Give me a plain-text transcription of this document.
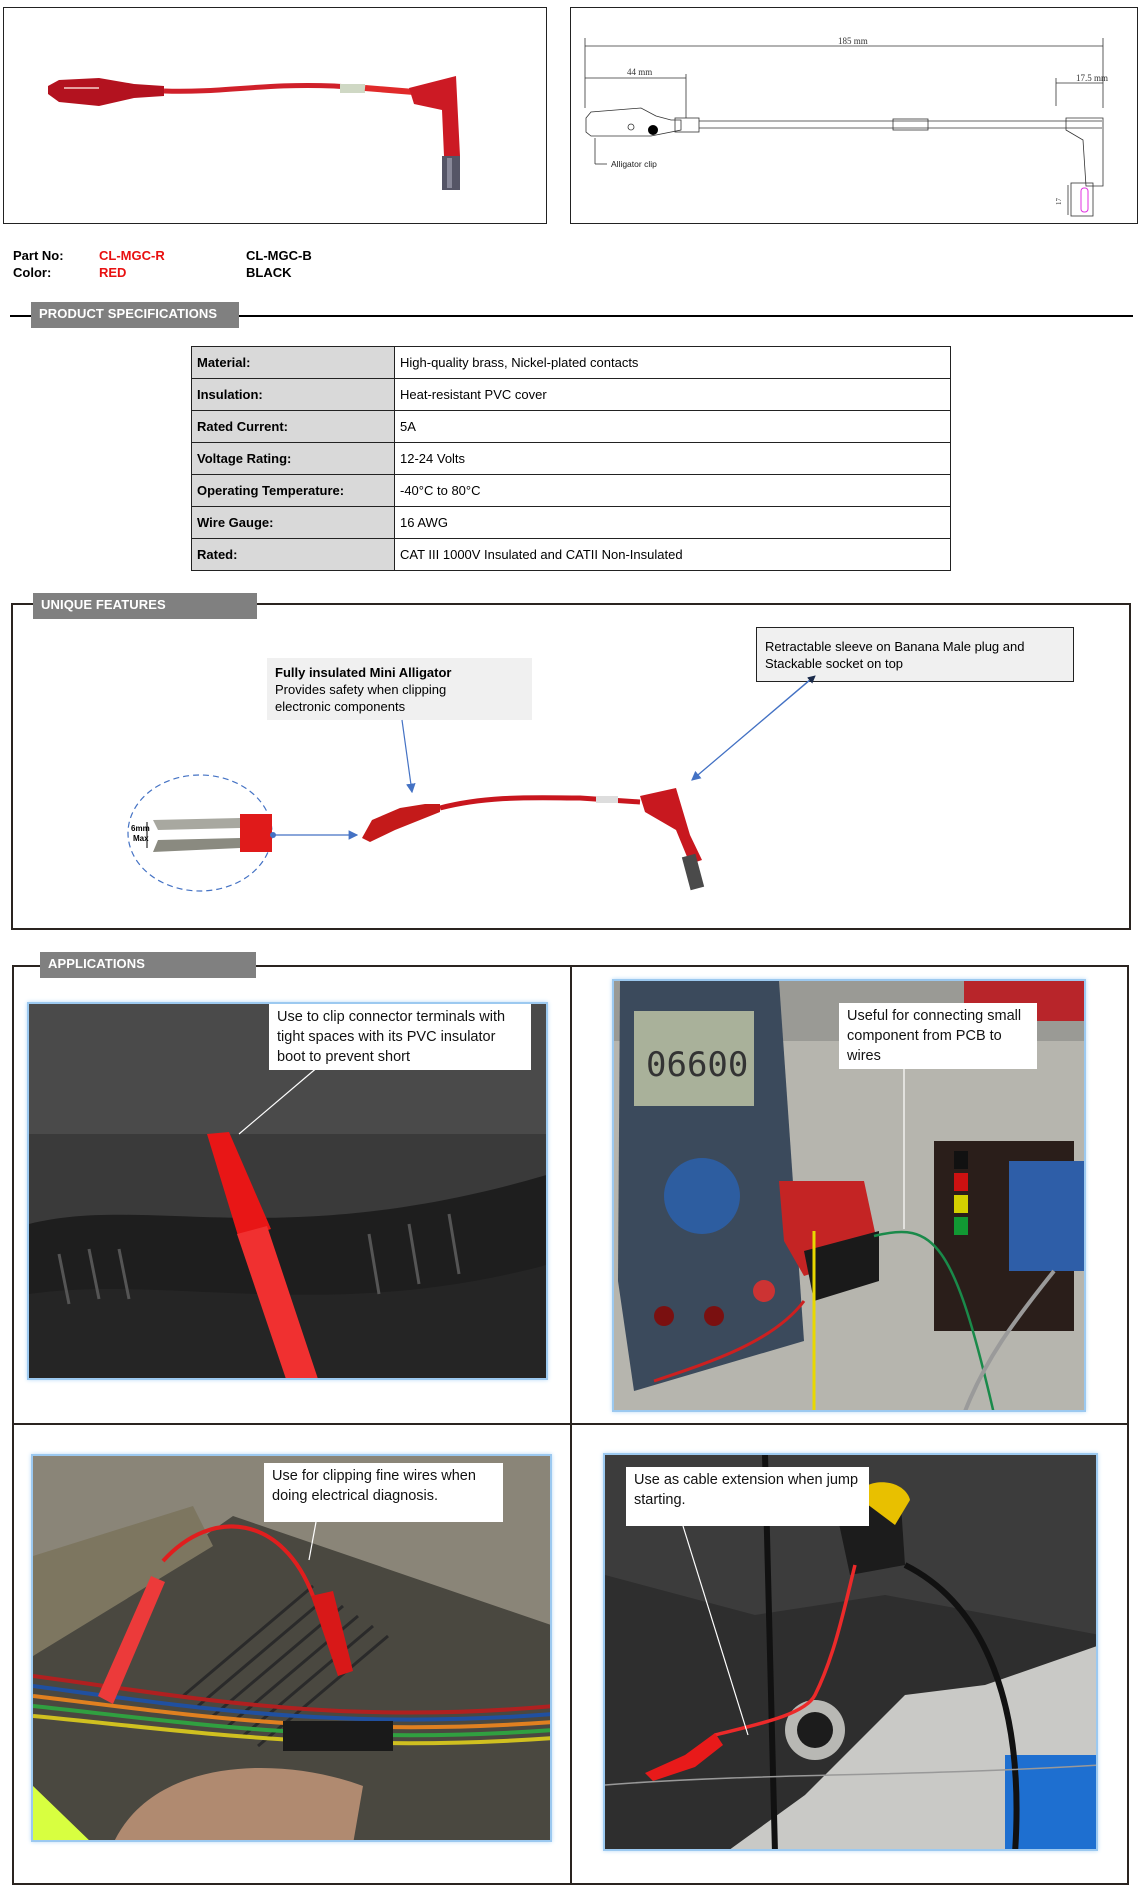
185 mm
44 mm
17.5 mm
Alligator clip
17
Part No:	CL-MGC-R	CL-MGC-B
Color:	RED	BLACK
PRODUCT SPECIFICATIONS
Material:	High-quality brass, Nickel-plated contacts
Insulation:	Heat-resistant PVC cover
Rated Current:	5A
Voltage Rating:	12-24 Volts
Operating Temperature:	-40°C to 80°C
Wire Gauge:	16 AWG
Rated:	CAT III 1000V Insulated and CATII Non-Insulated
UNIQUE FEATURES
Fully insulated Mini Alligator
Provides safety when clipping
electronic components
Retractable sleeve on Banana Male plug and
Stackable socket on top
6mm
Max
APPLICATIONS
Use to clip connector terminals with
tight spaces with its PVC insulator
boot to prevent short	06600
Useful for connecting small
component from PCB to wires
Use for clipping fine wires when
doing electrical diagnosis.
Use as cable extension when jump
starting.
